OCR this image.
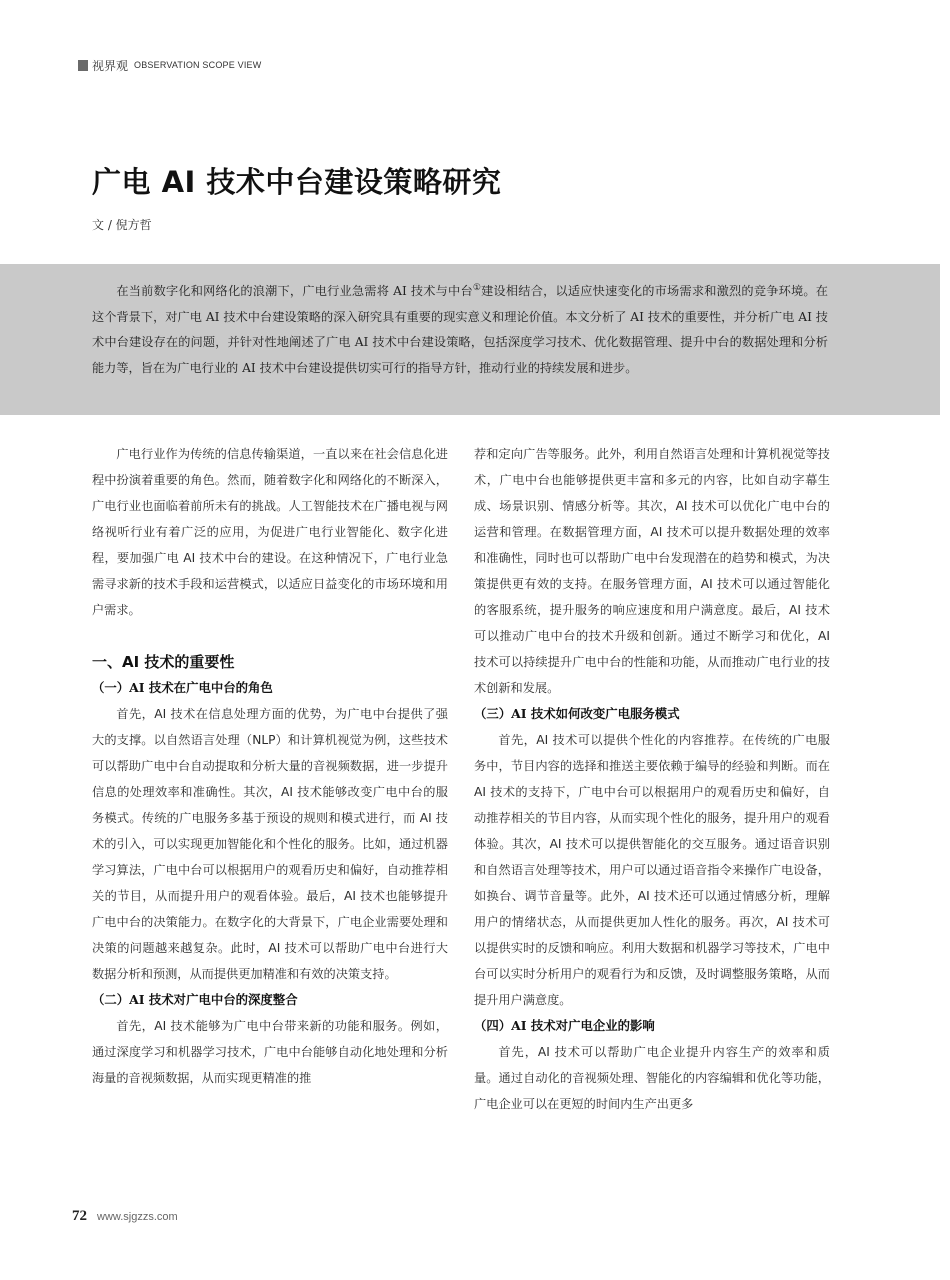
视界观 OBSERVATION SCOPE VIEW
广电 AI 技术中台建设策略研究
文 / 倪方哲

在当前数字化和网络化的浪潮下，广电行业急需将 AI 技术与中台①建设相结合，以适应快速变化的市场需求和激烈的竞争环境。在这个背景下，对广电 AI 技术中台建设策略的深入研究具有重要的现实意义和理论价值。本文分析了 AI 技术的重要性，并分析广电 AI 技术中台建设存在的问题，并针对性地阐述了广电 AI 技术中台建设策略，包括深度学习技术、优化数据管理、提升中台的数据处理和分析能力等，旨在为广电行业的 AI 技术中台建设提供切实可行的指导方针，推动行业的持续发展和进步。

广电行业作为传统的信息传输渠道，一直以来在社会信息化进程中扮演着重要的角色。然而，随着数字化和网络化的不断深入，广电行业也面临着前所未有的挑战。人工智能技术在广播电视与网络视听行业有着广泛的应用，为促进广电行业智能化、数字化进程，要加强广电 AI 技术中台的建设。在这种情况下，广电行业急需寻求新的技术手段和运营模式，以适应日益变化的市场环境和用户需求。

一、AI 技术的重要性
（一）AI 技术在广电中台的角色

首先，AI 技术在信息处理方面的优势，为广电中台提供了强大的支撑。以自然语言处理（NLP）和计算机视觉为例，这些技术可以帮助广电中台自动提取和分析大量的音视频数据，进一步提升信息的处理效率和准确性。其次，AI 技术能够改变广电中台的服务模式。传统的广电服务多基于预设的规则和模式进行，而 AI 技术的引入，可以实现更加智能化和个性化的服务。比如，通过机器学习算法，广电中台可以根据用户的观看历史和偏好，自动推荐相关的节目，从而提升用户的观看体验。最后，AI 技术也能够提升广电中台的决策能力。在数字化的大背景下，广电企业需要处理和决策的问题越来越复杂。此时，AI 技术可以帮助广电中台进行大数据分析和预测，从而提供更加精准和有效的决策支持。

（二）AI 技术对广电中台的深度整合

首先，AI 技术能够为广电中台带来新的功能和服务。例如，通过深度学习和机器学习技术，广电中台能够自动化地处理和分析海量的音视频数据，从而实现更精准的推

荐和定向广告等服务。此外，利用自然语言处理和计算机视觉等技术，广电中台也能够提供更丰富和多元的内容，比如自动字幕生成、场景识别、情感分析等。其次，AI 技术可以优化广电中台的运营和管理。在数据管理方面，AI 技术可以提升数据处理的效率和准确性，同时也可以帮助广电中台发现潜在的趋势和模式，为决策提供更有效的支持。在服务管理方面，AI 技术可以通过智能化的客服系统，提升服务的响应速度和用户满意度。最后，AI 技术可以推动广电中台的技术升级和创新。通过不断学习和优化，AI 技术可以持续提升广电中台的性能和功能，从而推动广电行业的技术创新和发展。

（三）AI 技术如何改变广电服务模式

首先，AI 技术可以提供个性化的内容推荐。在传统的广电服务中，节目内容的选择和推送主要依赖于编导的经验和判断。而在 AI 技术的支持下，广电中台可以根据用户的观看历史和偏好，自动推荐相关的节目内容，从而实现个性化的服务，提升用户的观看体验。其次，AI 技术可以提供智能化的交互服务。通过语音识别和自然语言处理等技术，用户可以通过语音指令来操作广电设备，如换台、调节音量等。此外，AI 技术还可以通过情感分析，理解用户的情绪状态，从而提供更加人性化的服务。再次，AI 技术可以提供实时的反馈和响应。利用大数据和机器学习等技术，广电中台可以实时分析用户的观看行为和反馈，及时调整服务策略，从而提升用户满意度。

（四）AI 技术对广电企业的影响

首先，AI 技术可以帮助广电企业提升内容生产的效率和质量。通过自动化的音视频处理、智能化的内容编辑和优化等功能，广电企业可以在更短的时间内生产出更多

72 www.sjgzzs.com
